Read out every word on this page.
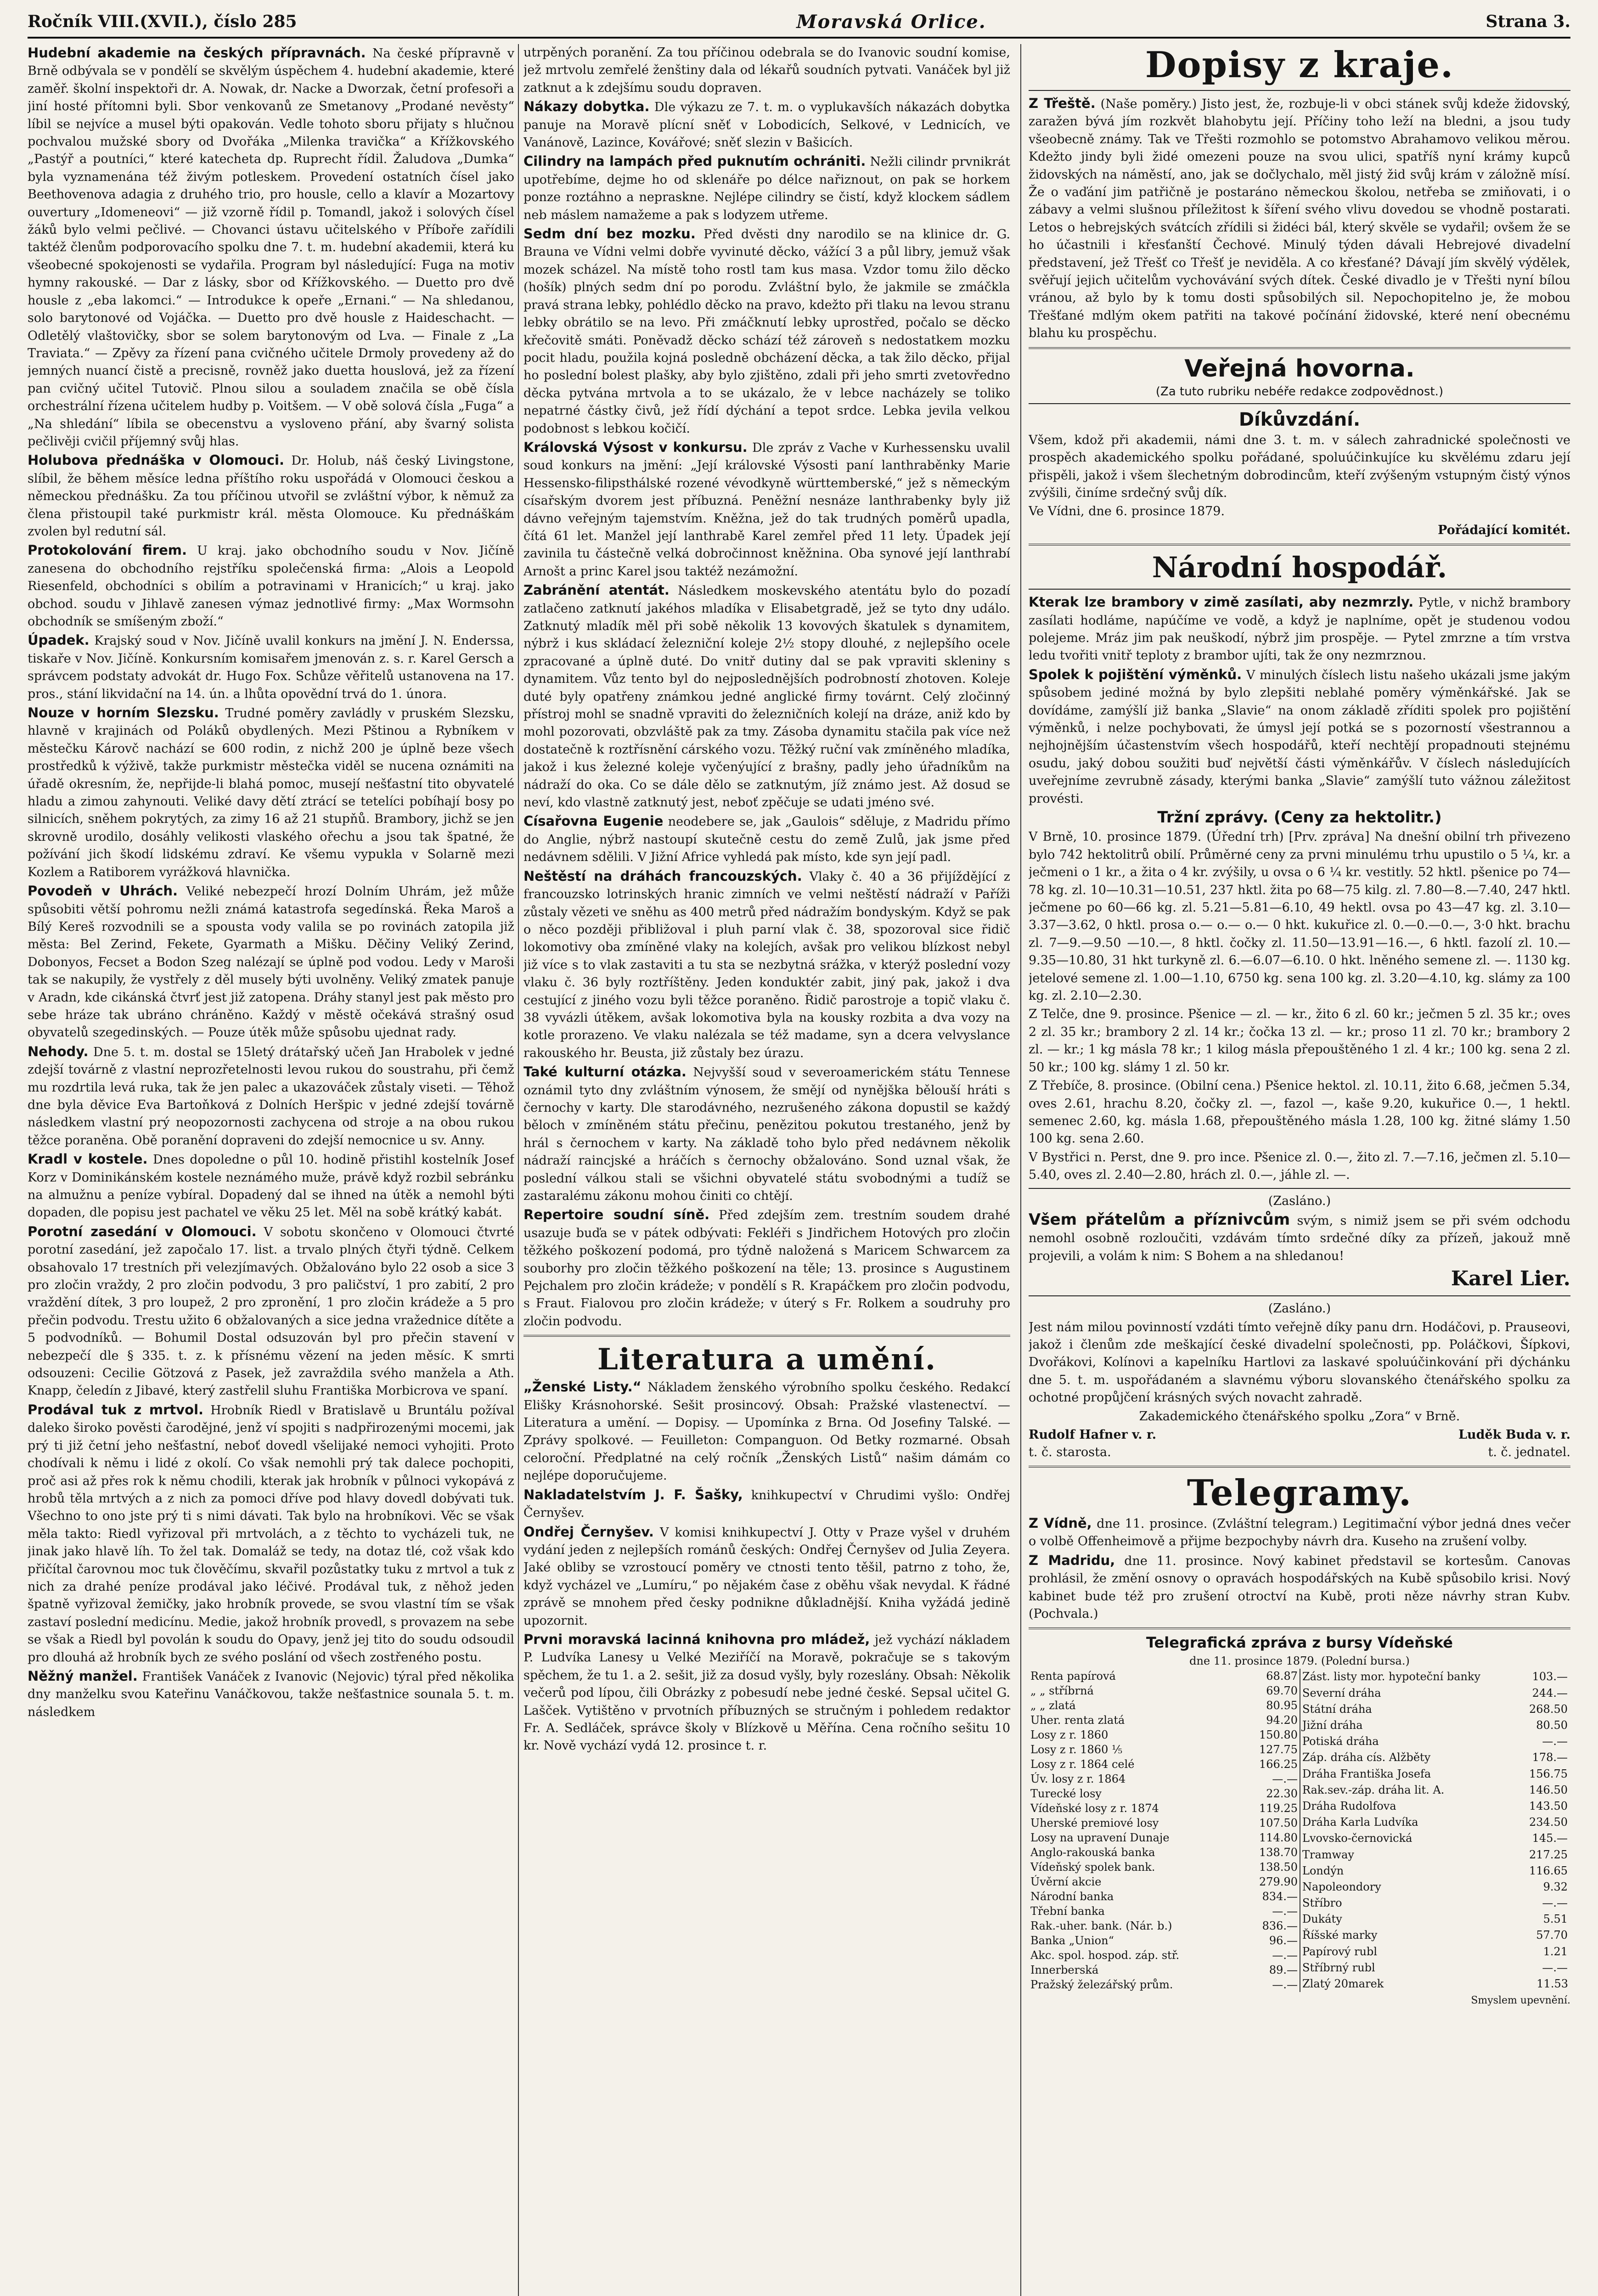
Ročník VIII.(XVII.), číslo 285	Moravská Orlice.	Strana 3.
Hudební akademie na českých přípravnách. Na české přípravně v Brně odbývala se v pondělí se skvělým úspěchem 4. hudební akademie, které zaměř. školní inspektoři dr. A. Nowak, dr. Nacke a Dworzak, četní profesoři a jiní hosté přítomni byli. Sbor venkovanů ze Smetanovy „Prodané nevěsty“ líbil se nejvíce a musel býti opakován. Vedle tohoto sboru přijaty s hlučnou pochvalou mužské sbory od Dvořáka „Milenka travička“ a Křížkovského „Pastýř a poutníci,“ které katecheta dp. Ruprecht řídil. Žaludova „Dumka“ byla vyznamenána též živým potleskem. Provedení ostatních čísel jako Beethovenova adagia z druhého trio, pro housle, cello a klavír a Mozartovy ouvertury „Idomeneovi“ — již vzorně řídil p. Tomandl, jakož i solových čísel žáků bylo velmi pečlivé. — Chovanci ústavu učitelského v Příboře zařídili taktéž členům podporovacího spolku dne 7. t. m. hudební akademii, která ku všeobecné spokojenosti se vydařila. Program byl následující: Fuga na motiv hymny rakouské. — Dar z lásky, sbor od Křížkovského. — Duetto pro dvě housle z „eba lakomci.“ — Introdukce k opeře „Ernani.“ — Na shledanou, solo barytonové od Vojáčka. — Duetto pro dvě housle z Haideschacht. — Odletělý vlaštovičky, sbor se solem barytonovým od Lva. — Finale z „La Traviata.“ — Zpěvy za řízení pana cvičného učitele Drmoly provedeny až do jemných nuancí čistě a precisně, rovněž jako duetta houslová, jež za řízení pan cvičný učitel Tutovič. Plnou silou a souladem značila se obě čísla orchestrální řízena učitelem hudby p. Voitšem. — V obě solová čísla „Fuga“ a „Na shledání“ líbila se obecenstvu a vysloveno přání, aby švarný solista pečlivěji cvičil příjemný svůj hlas.
Holubova přednáška v Olomouci. Dr. Holub, náš český Livingstone, slíbil, že během měsíce ledna příštího roku uspořádá v Olomouci českou a německou přednášku. Za tou příčinou utvořil se zvláštní výbor, k němuž za člena přistoupil také purkmistr král. města Olomouce. Ku přednáškám zvolen byl redutní sál.
Protokolování firem. U kraj. jako obchodního soudu v Nov. Jičíně zanesena do obchodního rejstříku společenská firma: „Alois a Leopold Riesenfeld, obchodníci s obilím a potravinami v Hranicích;“ u kraj. jako obchod. soudu v Jihlavě zanesen výmaz jednotlivé firmy: „Max Wormsohn obchodník se smíšeným zboží.“
Úpadek. Krajský soud v Nov. Jičíně uvalil konkurs na jmění J. N. Enderssa, tiskaře v Nov. Jičíně. Konkursním komisařem jmenován z. s. r. Karel Gersch a správcem podstaty advokát dr. Hugo Fox. Schůze věřitelů ustanovena na 17. pros., stání likvidační na 14. ún. a lhůta opovědní trvá do 1. února.
Nouze v horním Slezsku. Trudné poměry zavládly v pruském Slezsku, hlavně v krajinách od Poláků obydlených. Mezi Pštinou a Rybníkem v městečku Károvč nachází se 600 rodin, z nichž 200 je úplně beze všech prostředků k výživě, takže purkmistr městečka viděl se nucena oznámiti na úřadě okresním, že, nepřijde-li blahá pomoc, musejí nešťastní tito obyvatelé hladu a zimou zahynouti. Veliké davy dětí ztrácí se tetelíci pobíhají bosy po silnicích, sněhem pokrytých, za zimy 16 až 21 stupňů. Brambory, jichž se jen skrovně urodilo, dosáhly velikosti vlaského ořechu a jsou tak špatné, že požívání jich škodí lidskému zdraví. Ke všemu vypukla v Solarně mezi Kozlem a Ratiborem vyrážková hlavnička.
Povodeň v Uhrách. Veliké nebezpečí hrozí Dolním Uhrám, jež může spůsobiti větší pohromu nežli známá katastrofa segedínská. Řeka Maroš a Bílý Kereš rozvodnili se a spousta vody valila se po rovinách zatopila již města: Bel Zerind, Fekete, Gyarmath a Mišku. Děčiny Veliký Zerind, Dobonyos, Fecset a Bodon Szeg nalézají se úplně pod vodou. Ledy v Maroši tak se nakupily, že vystřely z děl musely býti uvolněny. Veliký zmatek panuje v Aradn, kde cikánská čtvrť jest již zatopena. Dráhy stanyl jest pak město pro sebe hráze tak ubráno chráněno. Každý v městě očekává strašný osud obyvatelů szegedinských. — Pouze útěk může spůsobu ujednat rady.
Nehody. Dne 5. t. m. dostal se 15letý drátařský učeň Jan Hrabolek v jedné zdejší továrně z vlastní neprozřetelnosti levou rukou do soustrahu, při čemž mu rozdrtila levá ruka, tak že jen palec a ukazováček zůstaly viseti. — Těhož dne byla děvice Eva Bartoňková z Dolních Heršpic v jedné zdejší továrně následkem vlastní prý neopozornosti zachycena od stroje a na obou rukou těžce poraněna. Obě poranění dopraveni do zdejší nemocnice u sv. Anny.
Kradl v kostele. Dnes dopoledne o půl 10. hodině přistihl kostelník Josef Korz v Dominikánském kostele neznámého muže, právě když rozbil sebránku na almužnu a peníze vybíral. Dopadený dal se ihned na útěk a nemohl býti dopaden, dle popisu jest pachatel ve věku 25 let. Měl na sobě krátký kabát.
Porotní zasedání v Olomouci. V sobotu skončeno v Olomouci čtvrté porotní zasedání, jež započalo 17. list. a trvalo plných čtyři týdně. Celkem obsahovalo 17 trestních při velezjímavých. Obžalováno bylo 22 osob a sice 3 pro zločin vraždy, 2 pro zločin podvodu, 3 pro paličství, 1 pro zabití, 2 pro vraždění dítek, 3 pro loupež, 2 pro zpronění, 1 pro zločin krádeže a 5 pro přečin podvodu. Trestu užito 6 obžalovaných a sice jedna vražednice dítěte a 5 podvodníků. — Bohumil Dostal odsuzován byl pro přečin stavení v nebezpečí dle § 335. t. z. k přísnému vězení na jeden měsíc. K smrti odsouzeni: Cecilie Götzová z Pasek, jež zavraždila svého manžela a Ath. Knapp, čeledín z Jibavé, který zastřelil sluhu Františka Morbicrova ve spaní.
Prodával tuk z mrtvol. Hrobník Riedl v Bratislavě u Bruntálu požíval daleko široko pověsti čarodějné, jenž ví spojiti s nadpřirozenými mocemi, jak prý ti již četní jeho nešťastní, neboť dovedl všelijaké nemoci vyhojiti. Proto chodívali k němu i lidé z okolí. Co však nemohli prý tak dalece pochopiti, proč asi až přes rok k němu chodili, kterak jak hrobník v půlnoci vykopává z hrobů těla mrtvých a z nich za pomoci dříve pod hlavy dovedl dobývati tuk. Všechno to ono jste prý ti s nimi dávati. Tak bylo na hrobníkovi. Věc se však měla takto: Riedl vyřizoval při mrtvolách, a z těchto to vycházeli tuk, ne jinak jako hlavě líh. To žel tak. Domaláž se tedy, na dotaz tlé, což však kdo přičítal čarovnou moc tuk člověčímu, skvařil pozůstatky tuku z mrtvol a tuk z nich za drahé peníze prodával jako léčivé. Prodával tuk, z něhož jeden špatně vyřizoval žemičky, jako hrobník provede, se svou vlastní tím se však zastaví poslední medicínu. Medie, jakož hrobník provedl, s provazem na sebe se však a Riedl byl povolán k soudu do Opavy, jenž jej tito do soudu odsoudil pro dlouhá až hrobník bych ze svého poslání od všech zostřeného postu.
Něžný manžel. František Vanáček z Ivanovic (Nejovic) týral před několika dny manželku svou Kateřinu Vanáčkovou, takže nešťastnice sounala 5. t. m. následkem
utrpěných poranění. Za tou příčinou odebrala se do Ivanovic soudní komise, jež mrtvolu zemřelé ženštiny dala od lékařů soudních pytvati. Vanáček byl již zatknut a k zdejšímu soudu dopraven.
Nákazy dobytka. Dle výkazu ze 7. t. m. o vyplukavších nákazách dobytka panuje na Moravě plícní sněť v Lobodicích, Selkové, v Lednicích, ve Vanánově, Lazince, Kovářové; sněť slezin v Bašicích.
Cilindry na lampách před puknutím ochrániti. Nežli cilindr prvnikrát upotřebíme, dejme ho od sklenáře po délce nařiznout, on pak se horkem ponze roztáhno a nepraskne. Nejlépe cilindry se čistí, když klockem sádlem neb máslem namažeme a pak s lodyzem utřeme.
Sedm dní bez mozku. Před dvěsti dny narodilo se na klinice dr. G. Brauna ve Vídni velmi dobře vyvinuté děcko, vážící 3 a půl libry, jemuž však mozek scházel. Na místě toho rostl tam kus masa. Vzdor tomu žilo děcko (hošík) plných sedm dní po porodu. Zvláštní bylo, že jakmile se zmáčkla pravá strana lebky, pohlédlo děcko na pravo, kdežto při tlaku na levou stranu lebky obrátilo se na levo. Při zmáčknutí lebky uprostřed, počalo se děcko křečovitě smáti. Poněvadž děcko schází též zároveň s nedostatkem mozku pocit hladu, použila kojná posledně obcházení děcka, a tak žilo děcko, přijal ho poslední bolest plašky, aby bylo zjištěno, zdali při jeho smrti zvetovředno děcka pytvána mrtvola a to se ukázalo, že v lebce nacházely se toliko nepatrné částky čivů, jež řídí dýchání a tepot srdce. Lebka jevila velkou podobnost s lebkou kočičí.
Královská Výsost v konkursu. Dle zpráv z Vache v Kurhessensku uvalil soud konkurs na jmění: „Její královské Výsosti paní lanthraběnky Marie Hessensko-filipsthálské rozené vévodkyně württemberské,“ jež s německým císařským dvorem jest příbuzná. Peněžní nesnáze lanthrabenky byly již dávno veřejným tajemstvím. Kněžna, jež do tak trudných poměrů upadla, čítá 61 let. Manžel její lanthrabě Karel zemřel před 11 lety. Úpadek její zavinila tu částečně velká dobročinnost kněžnina. Oba synové její lanthrabí Arnošt a princ Karel jsou taktéž nezámožní.
Zabránění atentát. Následkem moskevského atentátu bylo do pozadí zatlačeno zatknutí jakéhos mladíka v Elisabetgradě, jež se tyto dny událo. Zatknutý mladík měl při sobě několik 13 kovových škatulek s dynamitem, nýbrž i kus skládací železniční koleje 2½ stopy dlouhé, z nejlepšího ocele zpracované a úplně duté. Do vnitř dutiny dal se pak vpraviti skleniny s dynamitem. Vůz tento byl do nejposlednějších podrobností zhotoven. Koleje duté byly opatřeny známkou jedné anglické firmy továrnt. Celý zločinný přístroj mohl se snadně vpraviti do železničních kolejí na dráze, aniž kdo by mohl pozorovati, obzvláště pak za tmy. Zásoba dynamitu stačila pak více než dostatečně k roztřísnění cárského vozu. Těžký ruční vak zmíněného mladíka, jakož i kus železné koleje vyčenýující z brašny, padly jeho úřadníkům na nádraží do oka. Co se dále dělo se zatknutým, jíž známo jest. Až dosud se neví, kdo vlastně zatknutý jest, neboť zpěčuje se udati jméno své.
Císařovna Eugenie neodebere se, jak „Gaulois“ sděluje, z Madridu přímo do Anglie, nýbrž nastoupí skutečně cestu do země Zulů, jak jsme před nedávnem sdělili. V Jižní Africe vyhledá pak místo, kde syn její padl.
Neštěstí na dráhách francouzských. Vlaky č. 40 a 36 přijíždějící z francouzsko lotrinských hranic zimních ve velmi neštěstí nádraží v Paříži zůstaly vězeti ve sněhu as 400 metrů před nádražím bondyským. Když se pak o něco později přibližoval i pluh parní vlak č. 38, spozoroval sice řidič lokomotivy oba zmíněné vlaky na kolejích, avšak pro velikou blízkost nebyl již více s to vlak zastaviti a tu sta se nezbytná srážka, v kterýž poslední vozy vlaku č. 36 byly roztříštěny. Jeden konduktér zabit, jiný pak, jakož i dva cestující z jiného vozu byli těžce poraněno. Řidič parostroje a topič vlaku č. 38 vyvázli útěkem, avšak lokomotiva byla na kousky rozbita a dva vozy na kotle prorazeno. Ve vlaku nalézala se též madame, syn a dcera velvyslance rakouského hr. Beusta, již zůstaly bez úrazu.
Také kulturní otázka. Nejvyšší soud v severoamerickém státu Tennese oznámil tyto dny zvláštním výnosem, že smějí od nynějška bělouší hráti s černochy v karty. Dle starodávného, nezrušeného zákona dopustil se každý běloch v zmíněném státu přečinu, penězitou pokutou trestaného, jenž by hrál s černochem v karty. Na základě toho bylo před nedávnem několik nádraží raincjské a hráčích s černochy obžalováno. Sond uznal však, že poslední válkou stali se všichni obyvatelé státu svobodnými a tudíž se zastaralému zákonu mohou činiti co chtějí.
Repertoire soudní síně. Před zdejším zem. trestním soudem drahé usazuje buďa se v pátek odbývati: Fekléři s Jindřichem Hotových pro zločin těžkého poškození podomá, pro týdně naložená s Maricem Schwarcem za souborhy pro zločin těžkého poškození na těle; 13. prosince s Augustinem Pejchalem pro zločin krádeže; v pondělí s R. Krapáčkem pro zločin podvodu, s Fraut. Fialovou pro zločin krádeže; v úterý s Fr. Rolkem a soudruhy pro zločin podvodu.
Literatura a umění.
„Ženské Listy.“ Nákladem ženského výrobního spolku českého. Redakcí Elišky Krásnohorské. Sešit prosincový. Obsah: Pražské vlastenectví. — Literatura a umění. — Dopisy. — Upomínka z Brna. Od Josefiny Talské. — Zprávy spolkové. — Feuilleton: Companguon. Od Betky rozmarné. Obsah celoroční. Předplatné na celý ročník „Ženských Listů“ našim dámám co nejlépe doporučujeme.
Nakladatelstvím J. F. Šašky, knihkupectví v Chrudimi vyšlo: Ondřej Černyšev.
Ondřej Černyšev. V komisi knihkupectví J. Otty v Praze vyšel v druhém vydání jeden z nejlepších románů českých: Ondřej Černyšev od Julia Zeyera. Jaké obliby se vzrostoucí poměry ve ctnosti tento těšil, patrno z toho, že, když vycházel ve „Lumíru,“ po nějakém čase z oběhu však nevydal. K řádné zprávě se mnohem před česky podnikne důkladnější. Kniha vyžádá jedině upozornit.
Prvni moravská lacinná knihovna pro mládež, jež vychází nákladem P. Ludvíka Lanesy u Velké Meziříčí na Moravě, pokračuje se s takovým spěchem, že tu 1. a 2. sešit, již za dosud vyšly, byly rozeslány. Obsah: Několik večerů pod lípou, čili Obrázky z pobesudí nebe jedné české. Sepsal učitel G. Lašček. Vytištěno v prvotních příbuzných se stručným i pohledem redaktor Fr. A. Sedláček, správce školy v Blízkově u Měřína. Cena ročního sešitu 10 kr. Nově vychází vydá 12. prosince t. r.
Dopisy z kraje.
Z Třeště. (Naše poměry.) Jisto jest, že, rozbuje-li v obci stánek svůj kdeže židovský, zaražen bývá jím rozkvět blahobytu její. Příčiny toho leží na bledni, a jsou tudy všeobecně známy. Tak ve Třešti rozmohlo se potomstvo Abrahamovo velikou měrou. Kdežto jindy byli židé omezeni pouze na svou ulici, spatříš nyní krámy kupců židovských na náměstí, ano, jak se dočlychalo, měl jistý žid svůj krám v záložně mísí. Že o vaďání jim patřičně je postaráno německou školou, netřeba se zmiňovati, i o zábavy a velmi slušnou příležitost k šíření svého vlivu dovedou se vhodně postarati. Letos o hebrejských svátcích zřídili si židéci bál, který skvěle se vydařil; ovšem že se ho účastnili i křesťanští Čechové. Minulý týden dávali Hebrejové divadelní představení, jež Třešť co Třešť je neviděla. A co křesťané? Dávají jím skvělý výdělek, svěřují jejich učitelům vychovávání svých dítek. České divadlo je v Třešti nyní bílou vránou, až bylo by k tomu dosti spůsobilých sil. Nepochopitelno je, že mobou Třešťané mdlým okem patřiti na takové počínání židovské, které není obecnému blahu ku prospěchu.
Veřejná hovorna.
(Za tuto rubriku nebéře redakce zodpovědnost.)
Díkůvzdání.
Všem, kdož při akademii, námi dne 3. t. m. v sálech zahradnické společnosti ve prospěch akademického spolku pořádané, spoluúčinkujíce ku skvělému zdaru její přispěli, jakož i všem šlechetným dobrodincům, kteří zvýšeným vstupným čistý výnos zvýšili, činíme srdečný svůj dík.
Ve Vídni, dne 6. prosince 1879.
Pořádající komitét.
Národní hospodář.
Kterak lze brambory v zimě zasílati, aby nezmrzly. Pytle, v nichž brambory zasílati hodláme, napúčíme ve vodě, a když je naplníme, opět je studenou vodou polejeme. Mráz jim pak neuškodí, nýbrž jim prospěje. — Pytel zmrzne a tím vrstva ledu tvořiti vnitř teploty z brambor ujíti, tak že ony nezmrznou.
Spolek k pojištění výměnků. V minulých číslech listu našeho ukázali jsme jakým spůsobem jediné možná by bylo zlepšiti neblahé poměry výměnkářské. Jak se dovídáme, zamýšlí již banka „Slavie“ na onom základě zříditi spolek pro pojištění výměnků, i nelze pochybovati, že úmysl její potká se s pozorností všestrannou a nejhojnějším účastenstvím všech hospodářů, kteří nechtějí propadnouti stejnému osudu, jaký dobou soužiti buď největší části výměnkářův. V číslech následujících uveřejníme zevrubně zásady, kterými banka „Slavie“ zamýšlí tuto vážnou záležitost provésti.
Tržní zprávy. (Ceny za hektolitr.)
V Brně, 10. prosince 1879. (Úřední trh) [Prv. zpráva] Na dnešní obilní trh přivezeno bylo 742 hektolitrů obilí. Průměrné ceny za prvni minulému trhu upustilo o 5 ¼, kr. a ječmeni o 1 kr., a žita o 4 kr. zvýšily, u ovsa o 6 ¼ kr. vestitly. 52 hktl. pšenice po 74—78 kg. zl. 10—10.31—10.51, 237 hktl. žita po 68—75 kilg. zl. 7.80—8.—7.40, 247 hktl. ječmene po 60—66 kg. zl. 5.21—5.81—6.10, 49 hektl. ovsa po 43—47 kg. zl. 3.10—3.37—3.62, 0 hktl. prosa o.— o.— o.— 0 hkt. kukuřice zl. 0.—0.—0.—, 3·0 hkt. brachu zl. 7—9.—9.50 —10.—, 8 hktl. čočky zl. 11.50—13.91—16.—, 6 hktl. fazolí zl. 10.—9.35—10.80, 31 hkt turkyně zl. 6.—6.07—6.10. 0 hkt. lněného semene zl. —. 1130 kg. jetelové semene zl. 1.00—1.10, 6750 kg. sena 100 kg. zl. 3.20—4.10, kg. slámy za 100 kg. zl. 2.10—2.30.
Z Telče, dne 9. prosince. Pšenice — zl. — kr., žito 6 zl. 60 kr.; ječmen 5 zl. 35 kr.; oves 2 zl. 35 kr.; brambory 2 zl. 14 kr.; čočka 13 zl. — kr.; proso 11 zl. 70 kr.; brambory 2 zl. — kr.; 1 kg másla 78 kr.; 1 kilog másla přepouštěného 1 zl. 4 kr.; 100 kg. sena 2 zl. 50 kr.; 100 kg. slámy 1 zl. 50 kr.
Z Třebíče, 8. prosince. (Obilní cena.) Pšenice hektol. zl. 10.11, žito 6.68, ječmen 5.34, oves 2.61, hrachu 8.20, čočky zl. —, fazol —, kaše 9.20, kukuřice 0.—, 1 hektl. semenec 2.60, kg. másla 1.68, přepouštěného másla 1.28, 100 kg. žitné slámy 1.50 100 kg. sena 2.60.
V Bystřici n. Perst, dne 9. pro ince. Pšenice zl. 0.—, žito zl. 7.—7.16, ječmen zl. 5.10—5.40, oves zl. 2.40—2.80, hrách zl. 0.—, jáhle zl. —.
(Zasláno.)
Všem přátelům a příznivcům svým, s nimiž jsem se při svém odchodu nemohl osobně rozloučiti, vzdávám tímto srdečné díky za přízeň, jakouž mně projevili, a volám k nim: S Bohem a na shledanou!
Karel Lier.
(Zasláno.)
Jest nám milou povinností vzdáti tímto veřejně díky panu drn. Hodáčovi, p. Prauseovi, jakož i členům zde meškající české divadelní společnosti, pp. Poláčkovi, Šípkovi, Dvořákovi, Kolínovi a kapelníku Hartlovi za laskavé spoluúčinkování při dýchánku dne 5. t. m. uspořádaném a slavnému výboru slovanského čtenářského spolku za ochotné propůjčení krásných svých novacht zahradě.
Zakademického čtenářského spolku „Zora“ v Brně.
Rudolf Hafner v. r.	Luděk Buda v. r.
t. č. starosta.	t. č. jednatel.
Telegramy.
Z Vídně, dne 11. prosince. (Zvláštní telegram.) Legitimační výbor jedná dnes večer o volbě Offenheimově a přijme bezpochyby návrh dra. Kuseho na zrušení volby.
Z Madridu, dne 11. prosince. Nový kabinet představil se kortesům. Canovas prohlásil, že změní osnovy o opravách hospodářských na Kubě spůsobilo krisi. Nový kabinet bude též pro zrušení otroctví na Kubě, proti něze návrhy stran Kubv. (Pochvala.)
Telegrafická zpráva z bursy Vídeňské
dne 11. prosince 1879. (Polední bursa.)
Renta papírová	68.87
„ „ stříbrná	69.70
„ „ zlatá	80.95
Uher. renta zlatá	94.20
Losy z r. 1860	150.80
Losy z r. 1860 ⅕	127.75
Losy z r. 1864 celé	166.25
Úv. losy z r. 1864	—.—
Turecké losy	22.30
Vídeňské losy z r. 1874	119.25
Uherské premiové losy	107.50
Losy na upravení Dunaje	114.80
Anglo-rakouská banka	138.70
Vídeňský spolek bank.	138.50
Úvěrní akcie	279.90
Národní banka	834.—
Třební banka	—.—
Rak.-uher. bank. (Nár. b.)	836.—
Banka „Union“	96.—
Akc. spol. hospod. záp. stř.	—.—
Innerberská	89.—
Pražský železářský prům.	—.—
Zást. listy mor. hypoteční banky	103.—
Severní dráha	244.—
Státní dráha	268.50
Jižní dráha	80.50
Potiská dráha	—.—
Záp. dráha cís. Alžběty	178.—
Dráha Františka Josefa	156.75
Rak.sev.-záp. dráha lit. A.	146.50
Dráha Rudolfova	143.50
Dráha Karla Ludvíka	234.50
Lvovsko-černovická	145.—
Tramway	217.25
Londýn	116.65
Napoleondory	9.32
Stříbro	—.—
Dukáty	5.51
Říšské marky	57.70
Papírový rubl	1.21
Stříbrný rubl	—.—
Zlatý 20marek	11.53
Smyslem upevnění.
